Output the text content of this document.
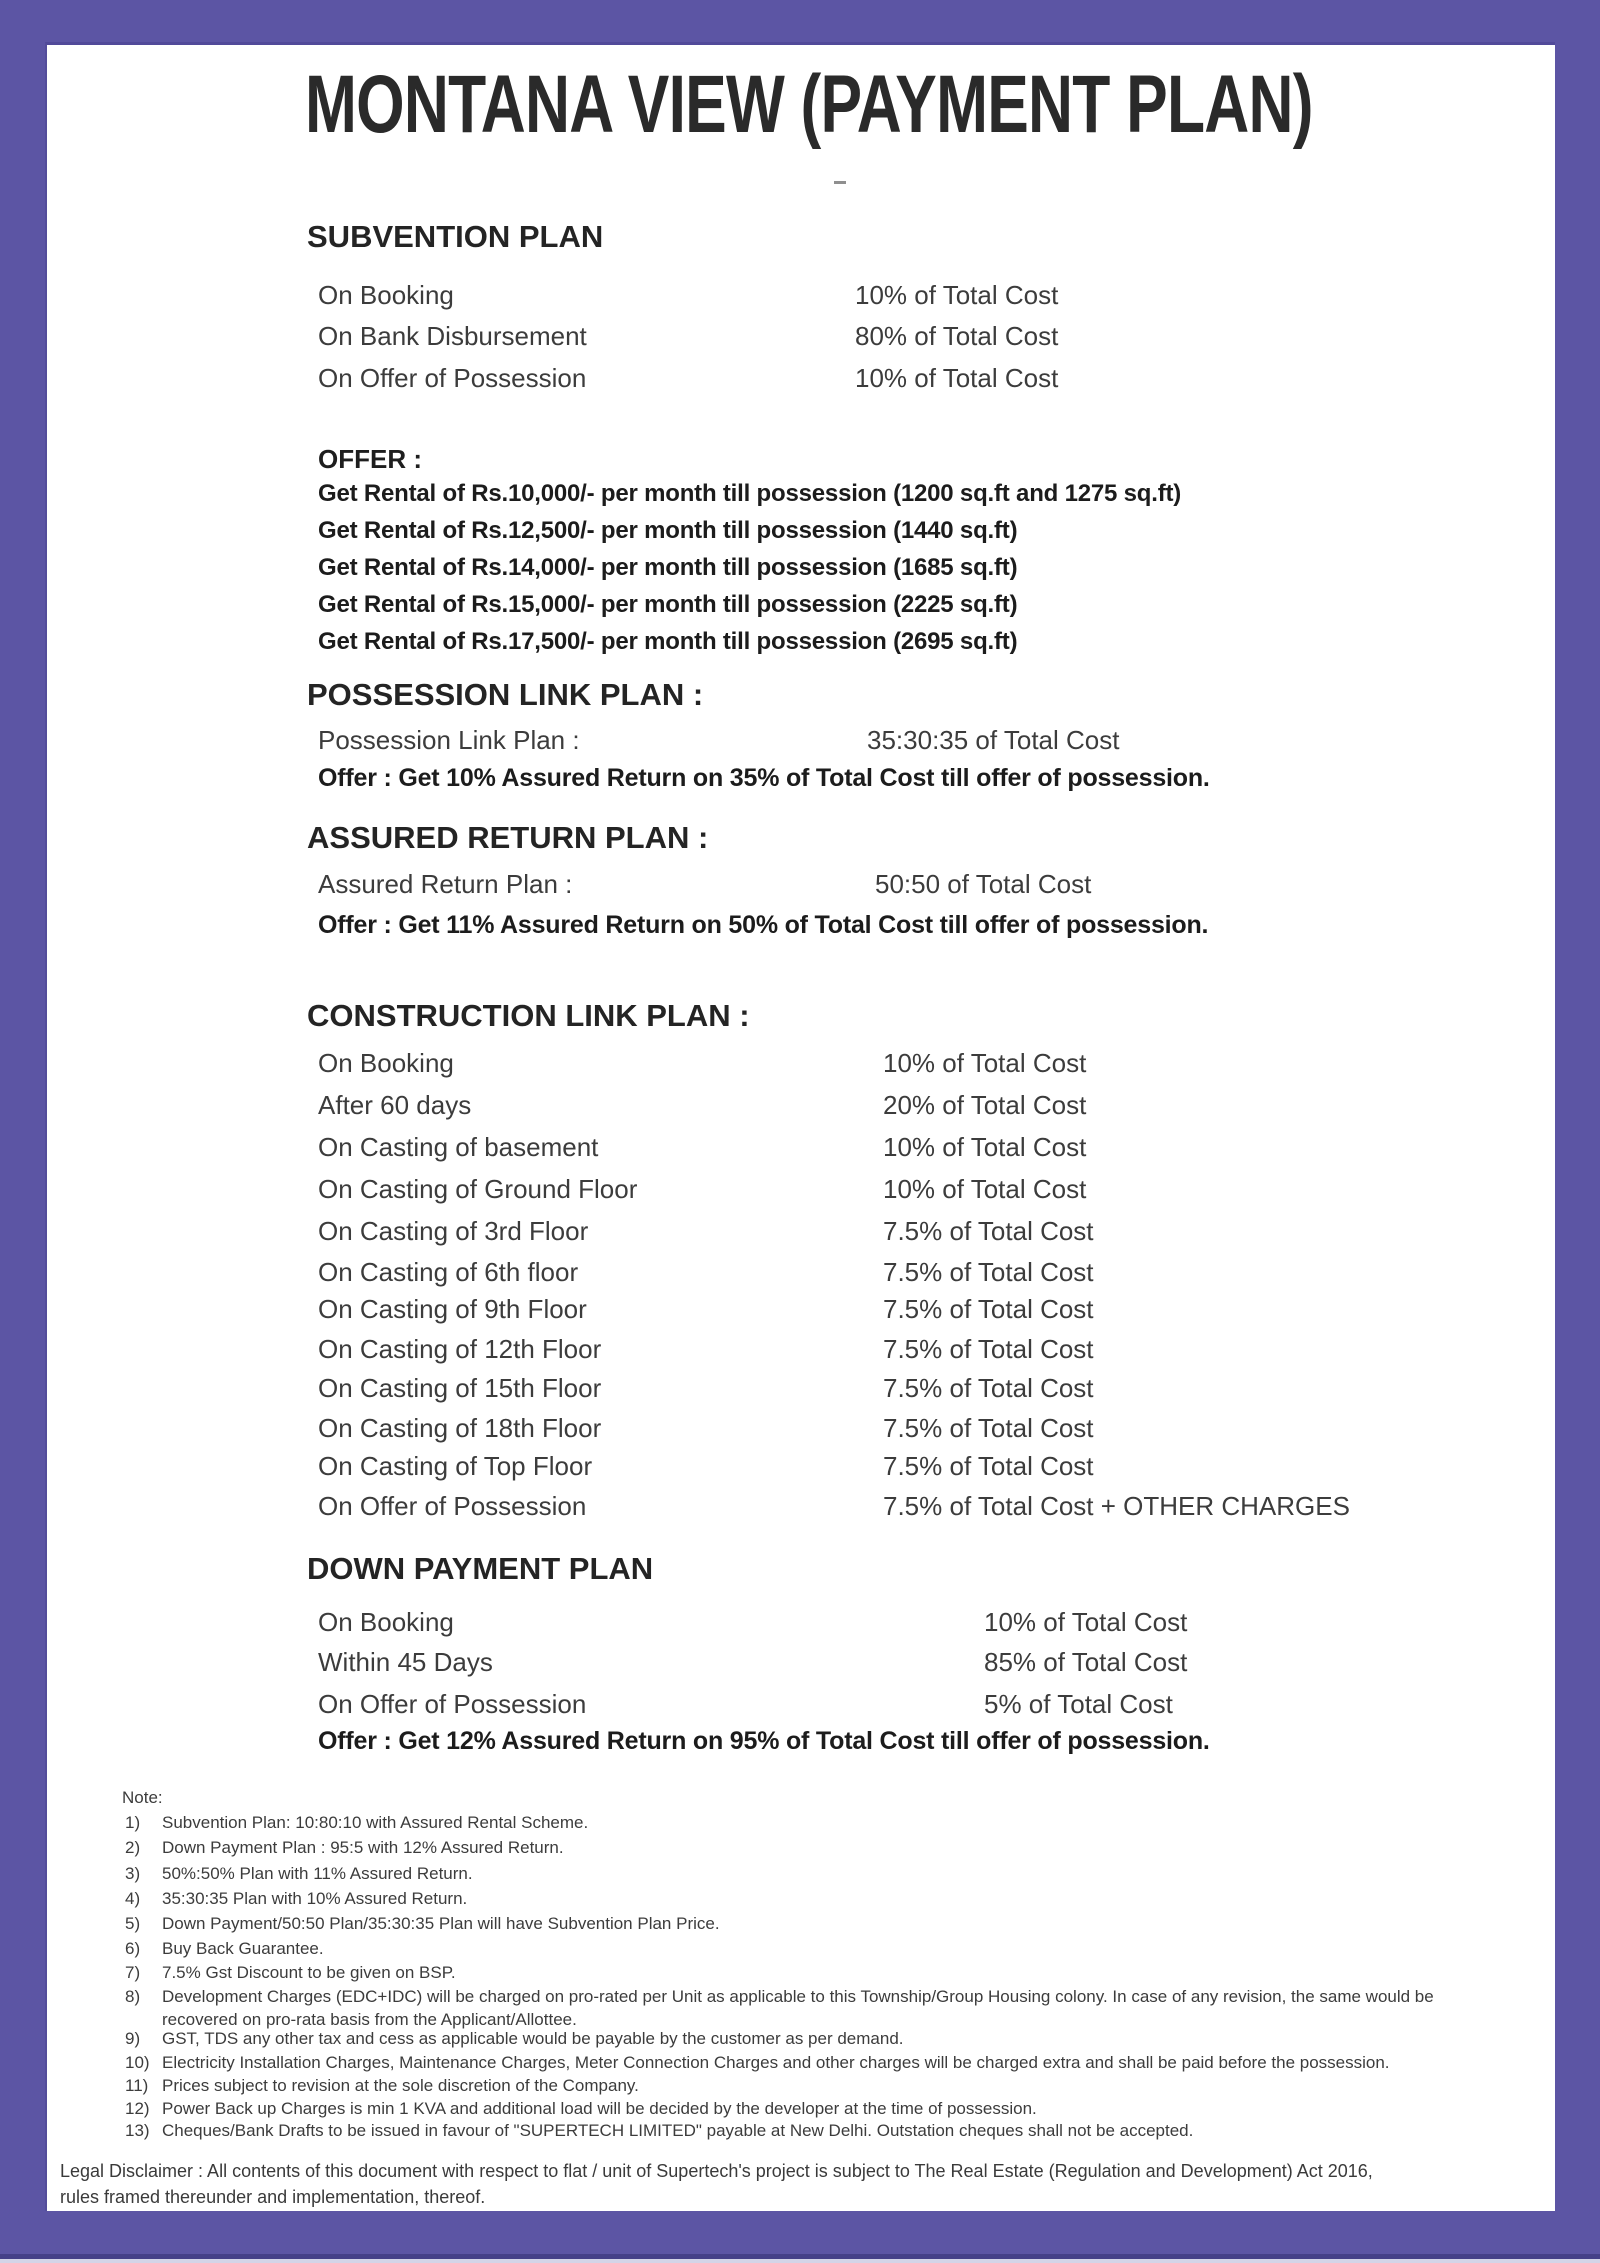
MONTANA VIEW (PAYMENT PLAN)
SUBVENTION PLAN
On Booking	10% of Total Cost
On Bank Disbursement	80% of Total Cost
On Offer of Possession	10% of Total Cost
OFFER :
Get Rental of Rs.10,000/- per month till possession (1200 sq.ft and 1275 sq.ft)
Get Rental of Rs.12,500/- per month till possession (1440 sq.ft)
Get Rental of Rs.14,000/- per month till possession (1685 sq.ft)
Get Rental of Rs.15,000/- per month till possession (2225 sq.ft)
Get Rental of Rs.17,500/- per month till possession (2695 sq.ft)
POSSESSION LINK PLAN :
Possession Link Plan :	35:30:35 of Total Cost
Offer : Get 10% Assured Return on 35% of Total Cost till offer of possession.
ASSURED RETURN PLAN :
Assured Return Plan :	50:50 of Total Cost
Offer : Get 11% Assured Return on 50% of Total Cost till offer of possession.
CONSTRUCTION LINK PLAN :
On Booking	10% of Total Cost
After 60 days	20% of Total Cost
On Casting of basement	10% of Total Cost
On Casting of Ground Floor	10% of Total Cost
On Casting of 3rd Floor	7.5% of Total Cost
On Casting of 6th floor	7.5% of Total Cost
On Casting of 9th Floor	7.5% of Total Cost
On Casting of 12th Floor	7.5% of Total Cost
On Casting of 15th Floor	7.5% of Total Cost
On Casting of 18th Floor	7.5% of Total Cost
On Casting of Top Floor	7.5% of Total Cost
On Offer of Possession	7.5% of Total Cost + OTHER CHARGES
DOWN PAYMENT PLAN
On Booking	10% of Total Cost
Within 45 Days	85% of Total Cost
On Offer of Possession	5% of Total Cost
Offer : Get 12% Assured Return on 95% of Total Cost till offer of possession.
Note:
1)	Subvention Plan: 10:80:10 with Assured Rental Scheme.
2)	Down Payment Plan : 95:5 with 12% Assured Return.
3)	50%:50% Plan with 11% Assured Return.
4)	35:30:35 Plan with 10% Assured Return.
5)	Down Payment/50:50 Plan/35:30:35 Plan will have Subvention Plan Price.
6)	Buy Back Guarantee.
7)	7.5% Gst Discount to be given on BSP.
8)	Development Charges (EDC+IDC) will be charged on pro-rated per Unit as applicable to this Township/Group Housing colony. In case of any revision, the same would be recovered on pro-rata basis from the Applicant/Allottee.
9)	GST, TDS any other tax and cess as applicable would be payable by the customer as per demand.
10) Electricity Installation Charges, Maintenance Charges, Meter Connection Charges and other charges will be charged extra and shall be paid before the possession.
11) Prices subject to revision at the sole discretion of the Company.
12) Power Back up Charges is min 1 KVA and additional load will be decided by the developer at the time of possession.
13) Cheques/Bank Drafts to be issued in favour of "SUPERTECH LIMITED" payable at New Delhi. Outstation cheques shall not be accepted.
Legal Disclaimer : All contents of this document with respect to flat / unit of Supertech's project is subject to The Real Estate (Regulation and Development) Act 2016,
rules framed thereunder and implementation, thereof.
